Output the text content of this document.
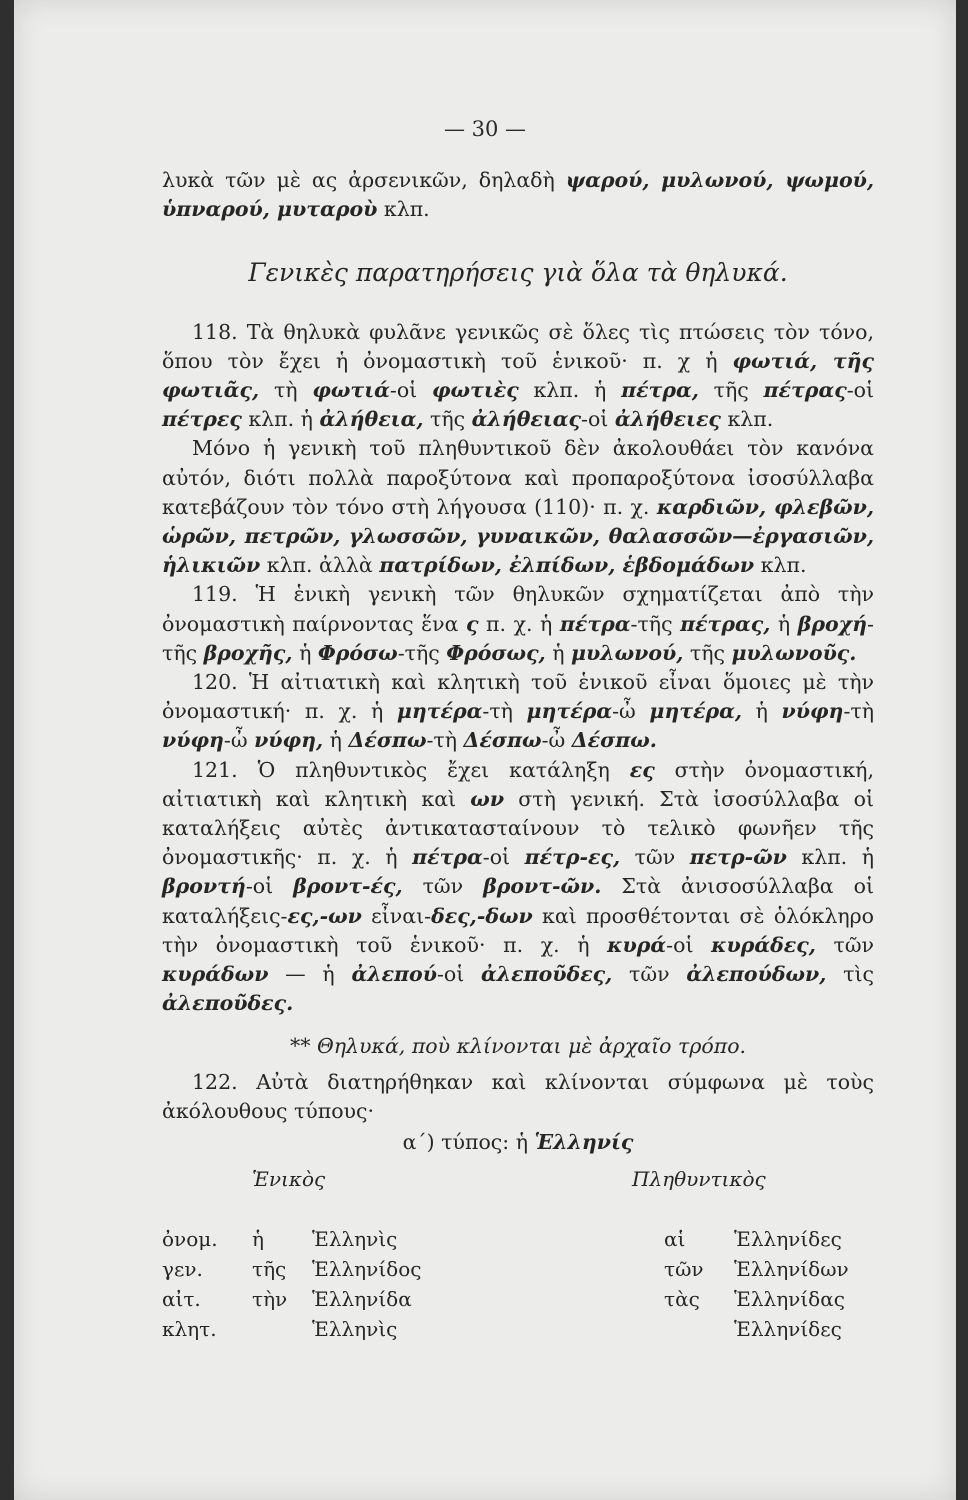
— 30 —

λυκὰ τῶν μὲ ας ἀρσενικῶν, δηλαδὴ ψαρού, μυλωνού, ψωμού, ὑπναρού, μυταροὺ κλπ.

Γενικὲς παρατηρήσεις γιὰ ὅλα τὰ θηλυκά.

118. Τὰ θηλυκὰ φυλᾶνε γενικῶς σὲ ὅλες τὶς πτώσεις τὸν τόνο, ὅπου τὸν ἔχει ἡ ὀνομαστικὴ τοῦ ἑνικοῦ· π. χ ἡ φωτιά, τῆς φωτιᾶς, τὴ φωτιά-οἱ φωτιὲς κλπ. ἡ πέτρα, τῆς πέτρας-οἱ πέτρες κλπ. ἡ ἀλήθεια, τῆς ἀλήθειας-οἱ ἀλήθειες κλπ.

Μόνο ἡ γενικὴ τοῦ πληθυντικοῦ δὲν ἀκολουθάει τὸν κανόνα αὐτόν, διότι πολλὰ παροξύτονα καὶ προπαροξύτονα ἰσοσύλλαβα κατεβάζουν τὸν τόνο στὴ λήγουσα (110)· π. χ. καρδιῶν, φλεβῶν, ὡρῶν, πετρῶν, γλωσσῶν, γυναικῶν, θαλασσῶν—ἐργασιῶν, ἡλικιῶν κλπ. ἀλλὰ πατρίδων, ἐλπίδων, ἑβδομάδων κλπ.

119. Ἡ ἑνικὴ γενικὴ τῶν θηλυκῶν σχηματίζεται ἀπὸ τὴν ὀνομαστικὴ παίρνοντας ἕνα ς π. χ. ἡ πέτρα-τῆς πέτρας, ἡ βροχή-τῆς βροχῆς, ἡ Φρόσω-τῆς Φρόσως, ἡ μυλωνού, τῆς μυλωνοῦς.

120. Ἡ αἰτιατικὴ καὶ κλητικὴ τοῦ ἑνικοῦ εἶναι ὅμοιες μὲ τὴν ὀνομαστική· π. χ. ἡ μητέρα-τὴ μητέρα-ὦ μητέρα, ἡ νύφη-τὴ νύφη-ὦ νύφη, ἡ Δέσπω-τὴ Δέσπω-ὦ Δέσπω.

121. Ὁ πληθυντικὸς ἔχει κατάληξη ες στὴν ὀνομαστική, αἰτιατικὴ καὶ κλητικὴ καὶ ων στὴ γενική. Στὰ ἰσοσύλλαβα οἱ καταλήξεις αὐτὲς ἀντικατασταίνουν τὸ τελικὸ φωνῆεν τῆς ὀνομαστικῆς· π. χ. ἡ πέτρα-οἱ πέτρ-ες, τῶν πετρ-ῶν κλπ. ἡ βροντή-οἱ βροντ-ές, τῶν βροντ-ῶν. Στὰ ἀνισοσύλλαβα οἱ καταλήξεις-ες,-ων εἶναι-δες,-δων καὶ προσθέτονται σὲ ὁλόκληρο τὴν ὀνομαστικὴ τοῦ ἑνικοῦ· π. χ. ἡ κυρά-οἱ κυράδες, τῶν κυράδων — ἡ ἀλεπού-οἱ ἀλεποῦδες, τῶν ἀλεπούδων, τὶς ἀλεποῦδες.

** Θηλυκά, ποὺ κλίνονται μὲ ἀρχαῖο τρόπο.

122. Αὐτὰ διατηρήθηκαν καὶ κλίνονται σύμφωνα μὲ τοὺς ἀκόλουθους τύπους·

α΄) τύπος: ἡ Ἑλληνίς

	Ἑνικὸς			Πληθυντικὸς	
ὀνομ.	ἡ	Ἑλληνὶς		αἱ	Ἑλληνίδες
γεν.	τῆς	Ἑλληνίδος		τῶν	Ἑλληνίδων
αἰτ.	τὴν	Ἑλληνίδα		τὰς	Ἑλληνίδας
κλητ.		Ἑλληνὶς			Ἑλληνίδες
